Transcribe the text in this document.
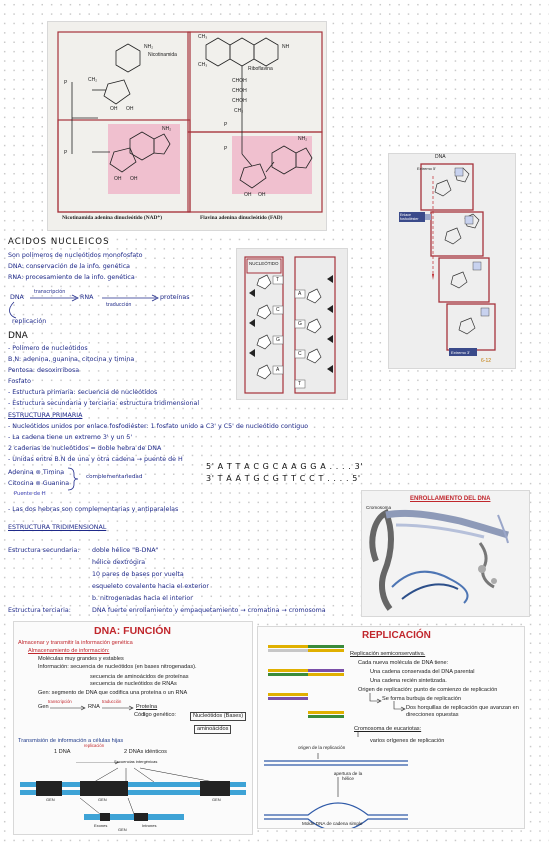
Nicotinamida
NH₂
P	CH₂
OH OH
P
NH₂
OH OH
CH₃
CH₃
NH
Riboflavina
CHOH
CHOH
CHOH
CH₂
P
P
NH₂
OH OH
Nicotinamida adenina dinucleótido (NAD⁺)	Flavina adenina dinucleótido (FAD)
DNA
Enlace fosfodiéster
Extremo 5'
Extremo 3'
6-12
NUCLEÓTIDO
T
A
C
G
G
C
A
T
ACIDOS NUCLEICOS
Son polímeros de nucleótidos monofosfato
DNA: conservación de la info. genética
RNA: procesamiento de la info. genética
DNA
transcripción
RNA
traducción
proteínas
replicación
DNA
- Polímero de nucleótidos
B.N: adenina, guanina, citocina y timina
Pentosa: desoxirribosa
Fosfato
- Estructura primaria: secuencia de nucleótidos
- Estructura secundaria y terciaria: estructura tridimensional
ESTRUCTURA PRIMARIA
- Nucleótidos unidos por enlace fosfodiéster: 1 fosfato unido a C3' y C5' de nucleótido contiguo
- La cadena tiene un extremo 3' y un 5'
2 cadenas de nucleótidos = doble hebra de DNA
- Unidas entre B.N de una y otra cadena → puente de H
Adenina ⊜ Timina
Citocina ⊜ Guanina
complementariedad
Puente de H
5' A T T A C G C A A G G A . . . . 3'
3' T A A T G C G T T C C T . . . . 5'
- Las dos hebras son complementarias y antiparalelas
ESTRUCTURA TRIDIMENSIONAL
Estructura secundaria: doble hélice "B-DNA"
hélice dextrógira
10 pares de bases por vuelta
esqueleto covalente hacia el exterior
b. nitrogenadas hacia el interior
Estructura terciaria:	DNA fuerte enrollamiento y empaquetamiento → cromatina → cromosoma
ENROLLAMIENTO DEL DNA
Cromosoma
DNA: FUNCIÓN
Almacenar y transmitir la información genética
Almacenamiento de información:
Moléculas muy grandes y estables
Información: secuencia de nucleótidos (en bases nitrogenadas).
secuencia de aminoácidos de proteínas
secuencia de nucleótidos de RNAs
Gen: segmento de DNA que codifica una proteína o un RNA
Gen
transcripción
RNA
traducción
Proteína
Código genético:	Nucleótidos (Bases)
aminoácidos
Transmisión de información a células hijas
1 DNA
replicación
2 DNAs idénticos
Secuencias intergénicas
GEN	GEN	GEN
Exones	Intrones
GEN
REPLICACIÓN
Replicación semiconservativa.
Cada nueva molécula de DNA tiene:
Una cadena conservada del DNA parental
Una cadena recién sintetizada.
Origen de replicación: punto de comienzo de replicación
Se forma burbuja de replicación
Dos horquillas de replicación que avanzan en direcciones opuestas
Cromosoma de eucariotas:
varios orígenes de replicación
origen de la replicación
apertura de la hélice
Molde DNA de cadena simple
